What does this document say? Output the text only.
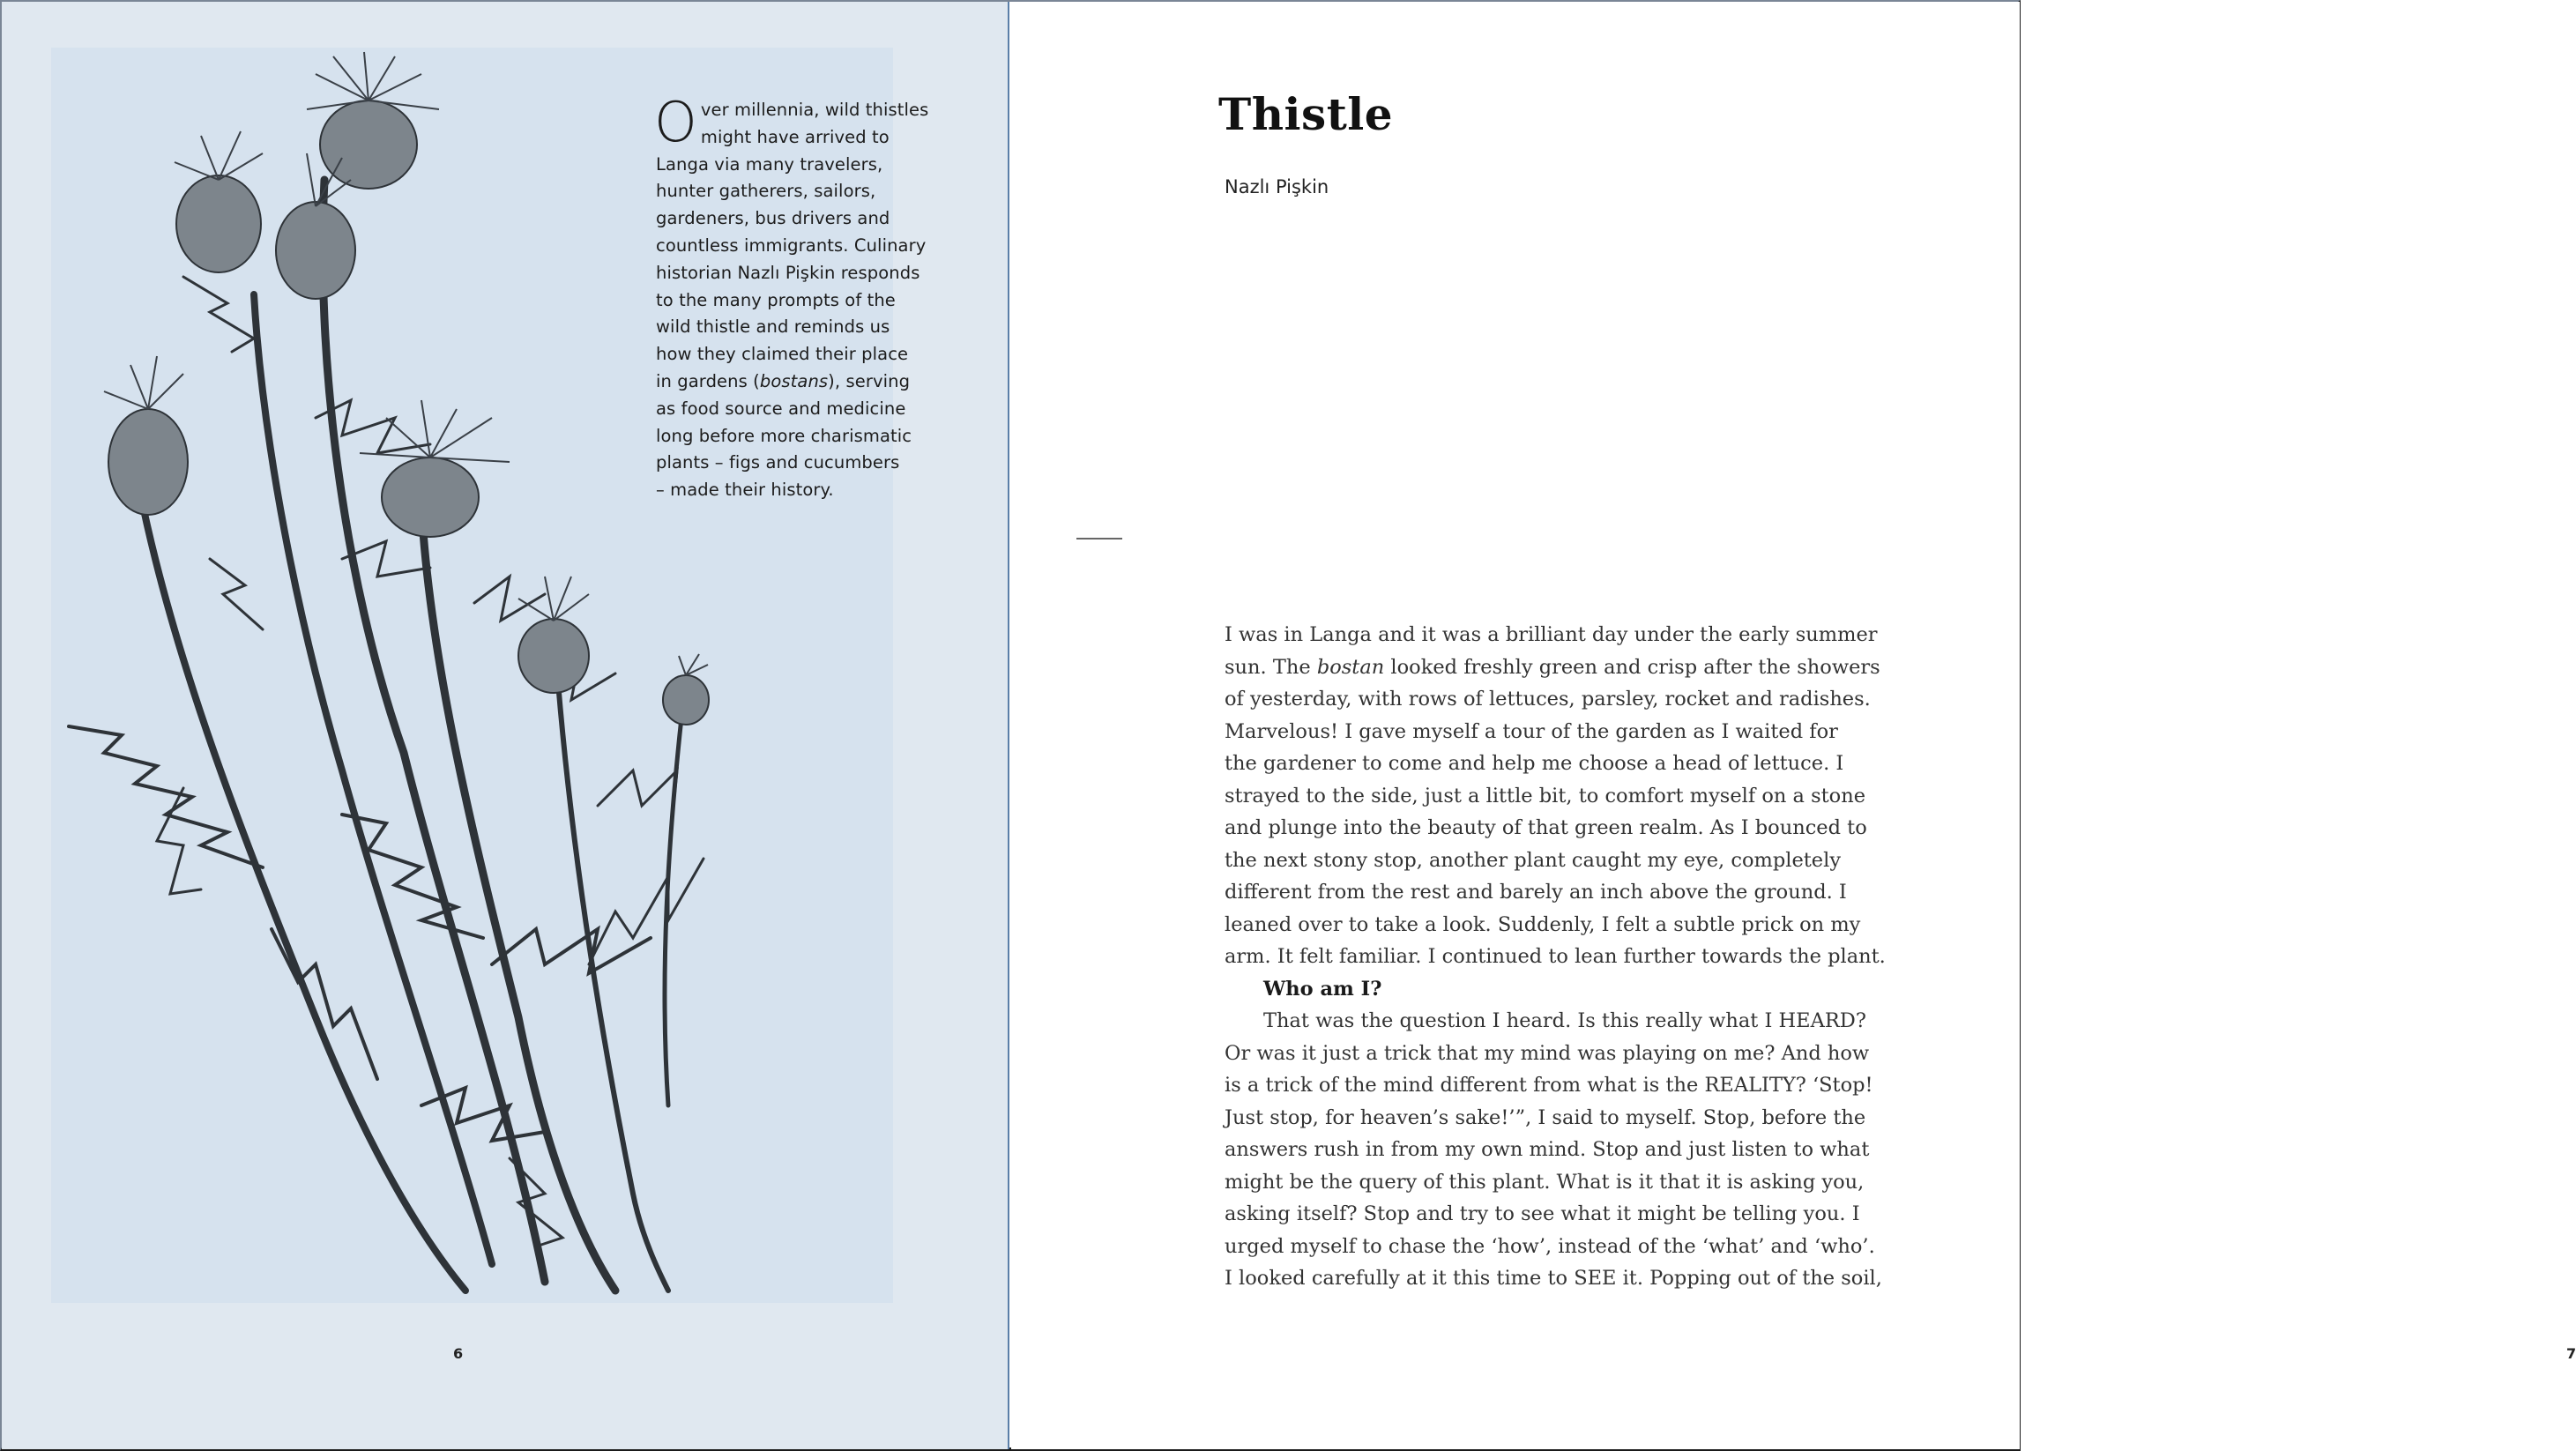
O ver millennia, wild thistles
might have arrived to
Langa via many travelers,
hunter gatherers, sailors,
gardeners, bus drivers and
countless immigrants. Culinary
historian Nazlı Pişkin responds
to the many prompts of the
wild thistle and reminds us
how they claimed their place
in gardens (bostans), serving
as food source and medicine
long before more charismatic
plants – figs and cucumbers
– made their history.
6
Thistle
Nazlı Pişkin
I was in Langa and it was a brilliant day under the early summer
sun. The bostan looked freshly green and crisp after the showers
of yesterday, with rows of lettuces, parsley, rocket and radishes.
Marvelous! I gave myself a tour of the garden as I waited for
the gardener to come and help me choose a head of lettuce. I
strayed to the side, just a little bit, to comfort myself on a stone
and plunge into the beauty of that green realm. As I bounced to
the next stony stop, another plant caught my eye, completely
different from the rest and barely an inch above the ground. I
leaned over to take a look. Suddenly, I felt a subtle prick on my
arm. It felt familiar. I continued to lean further towards the plant.
Who am I?
That was the question I heard. Is this really what I HEARD?
Or was it just a trick that my mind was playing on me? And how
is a trick of the mind different from what is the REALITY? ‘Stop!
Just stop, for heaven’s sake!’”, I said to myself. Stop, before the
answers rush in from my own mind. Stop and just listen to what
might be the query of this plant. What is it that it is asking you,
asking itself? Stop and try to see what it might be telling you. I
urged myself to chase the ‘how’, instead of the ‘what’ and ‘who’.
I looked carefully at it this time to SEE it. Popping out of the soil,
7
